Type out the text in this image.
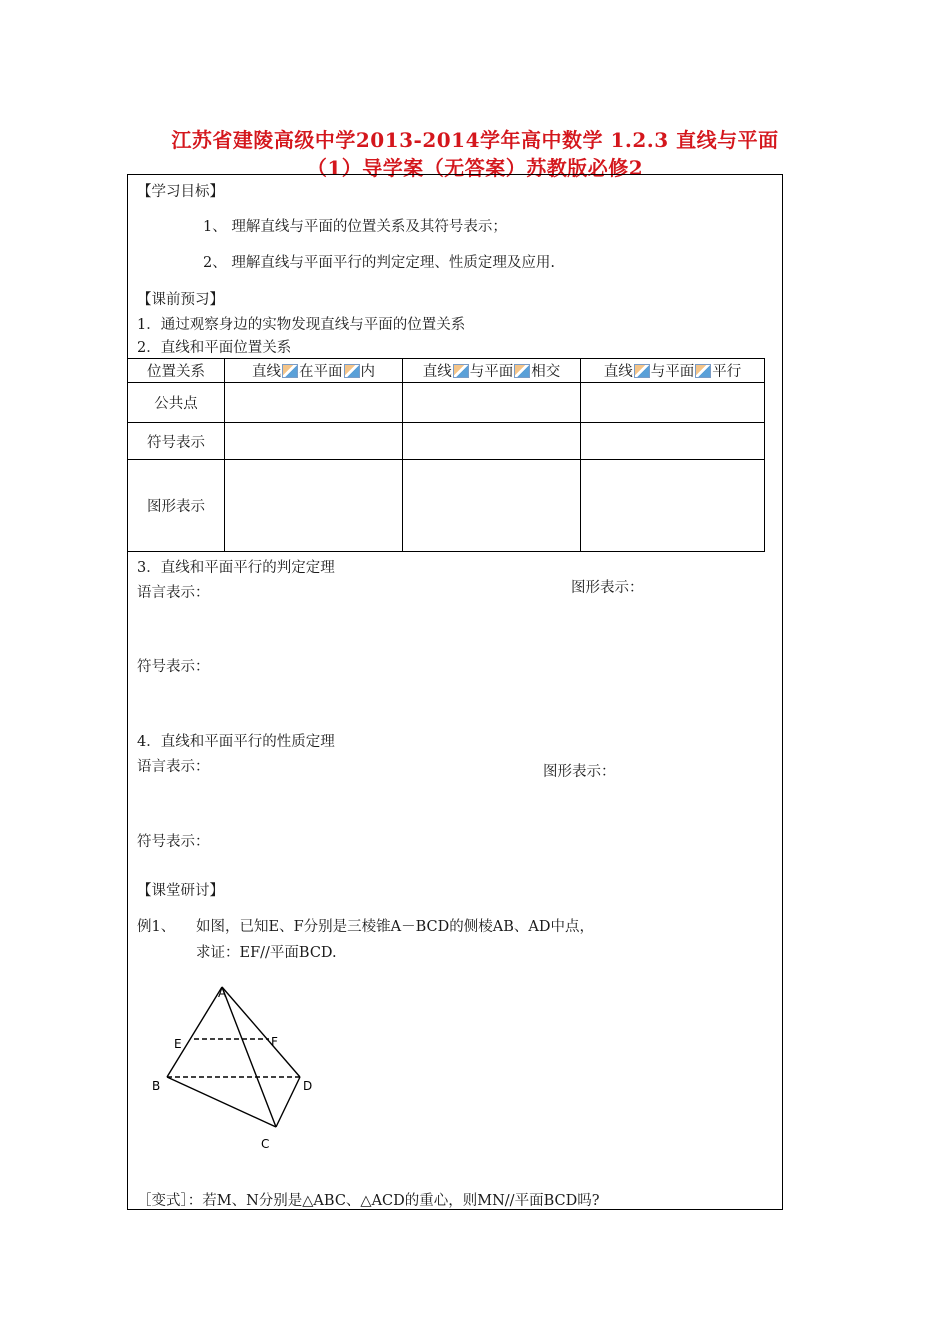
江苏省建陵高级中学2013-2014学年高中数学 1.2.3 直线与平面
（1）导学案（无答案）苏教版必修2
【学习目标】
1、 理解直线与平面的位置关系及其符号表示；
2、 理解直线与平面平行的判定定理、性质定理及应用.
【课前预习】
1．通过观察身边的实物发现直线与平面的位置关系
2．直线和平面位置关系
位置关系	直线 在平面 内	直线 与平面 相交	直线 与平面 平行

公共点			
符号表示			
图形表示			
3．直线和平面平行的判定定理
语言表示：	图形表示：
符号表示：
4．直线和平面平行的性质定理
语言表示：	图形表示：
符号表示：
【课堂研讨】
例1、 如图，已知E、F分别是三棱锥A－BCD的侧棱AB、AD中点，
求证：EF//平面BCD.
A
E	F
B	D
C
［变式］：若M、N分别是△ABC、△ACD的重心，则MN//平面BCD吗?
